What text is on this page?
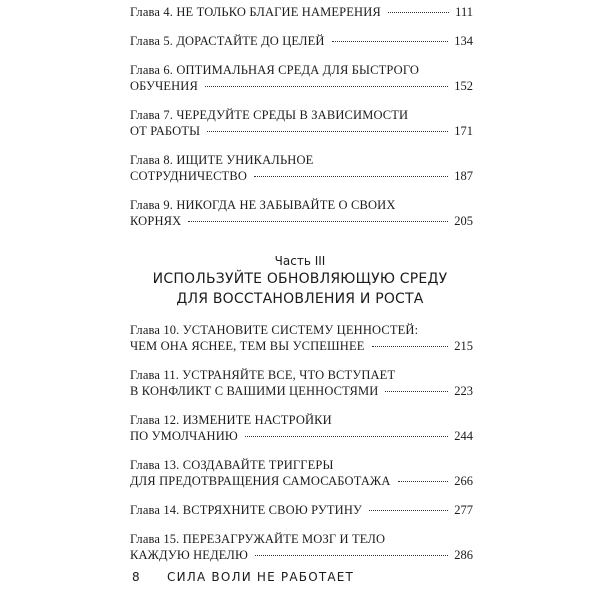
Глава 4. НЕ ТОЛЬКО БЛАГИЕ НАМЕРЕНИЯ	111
Глава 5. ДОРАСТАЙТЕ ДО ЦЕЛЕЙ	134
Глава 6. ОПТИМАЛЬНАЯ СРЕДА ДЛЯ БЫСТРОГО
ОБУЧЕНИЯ	152
Глава 7. ЧЕРЕДУЙТЕ СРЕДЫ В ЗАВИСИМОСТИ
ОТ РАБОТЫ	171
Глава 8. ИЩИТЕ УНИКАЛЬНОЕ
СОТРУДНИЧЕСТВО	187
Глава 9. НИКОГДА НЕ ЗАБЫВАЙТЕ О СВОИХ
КОРНЯХ	205
Часть III
ИСПОЛЬЗУЙТЕ ОБНОВЛЯЮЩУЮ СРЕДУ
ДЛЯ ВОССТАНОВЛЕНИЯ И РОСТА
Глава 10. УСТАНОВИТЕ СИСТЕМУ ЦЕННОСТЕЙ:
ЧЕМ ОНА ЯСНЕЕ, ТЕМ ВЫ УСПЕШНЕЕ	215
Глава 11. УСТРАНЯЙТЕ ВСЕ, ЧТО ВСТУПАЕТ
В КОНФЛИКТ С ВАШИМИ ЦЕННОСТЯМИ	223
Глава 12. ИЗМЕНИТЕ НАСТРОЙКИ
ПО УМОЛЧАНИЮ	244
Глава 13. СОЗДАВАЙТЕ ТРИГГЕРЫ
ДЛЯ ПРЕДОТВРАЩЕНИЯ САМОСАБОТАЖА	266
Глава 14. ВСТРЯХНИТЕ СВОЮ РУТИНУ	277
Глава 15. ПЕРЕЗАГРУЖАЙТЕ МОЗГ И ТЕЛО
КАЖДУЮ НЕДЕЛЮ	286
8	СИЛА ВОЛИ НЕ РАБОТАЕТ
